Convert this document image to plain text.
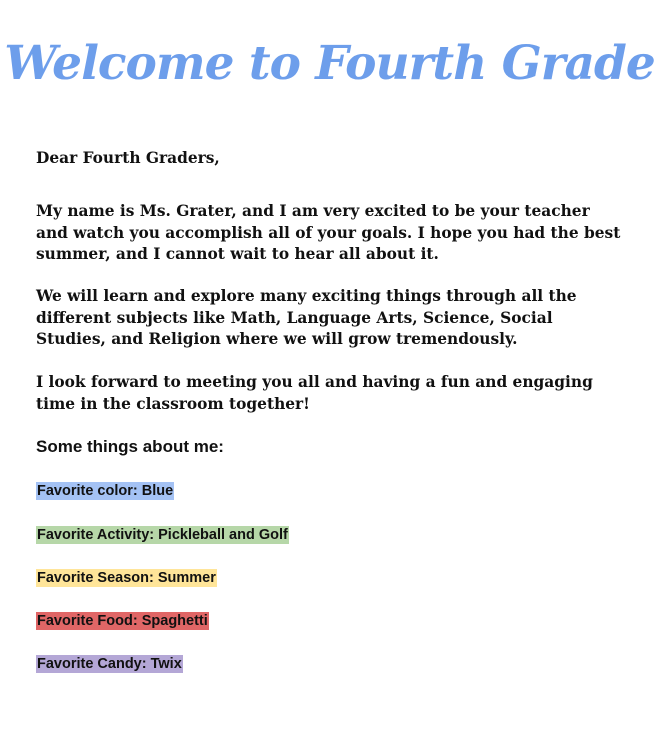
Welcome to Fourth Grade

Dear Fourth Graders,

My name is Ms. Grater, and I am very excited to be your teacher and watch you accomplish all of your goals. I hope you had the best summer, and I cannot wait to hear all about it.

We will learn and explore many exciting things through all the different subjects like Math, Language Arts, Science, Social Studies, and Religion where we will grow tremendously.

I look forward to meeting you all and having a fun and engaging time in the classroom together!

Some things about me:
Favorite color: Blue
Favorite Activity: Pickleball and Golf
Favorite Season: Summer
Favorite Food: Spaghetti
Favorite Candy: Twix
